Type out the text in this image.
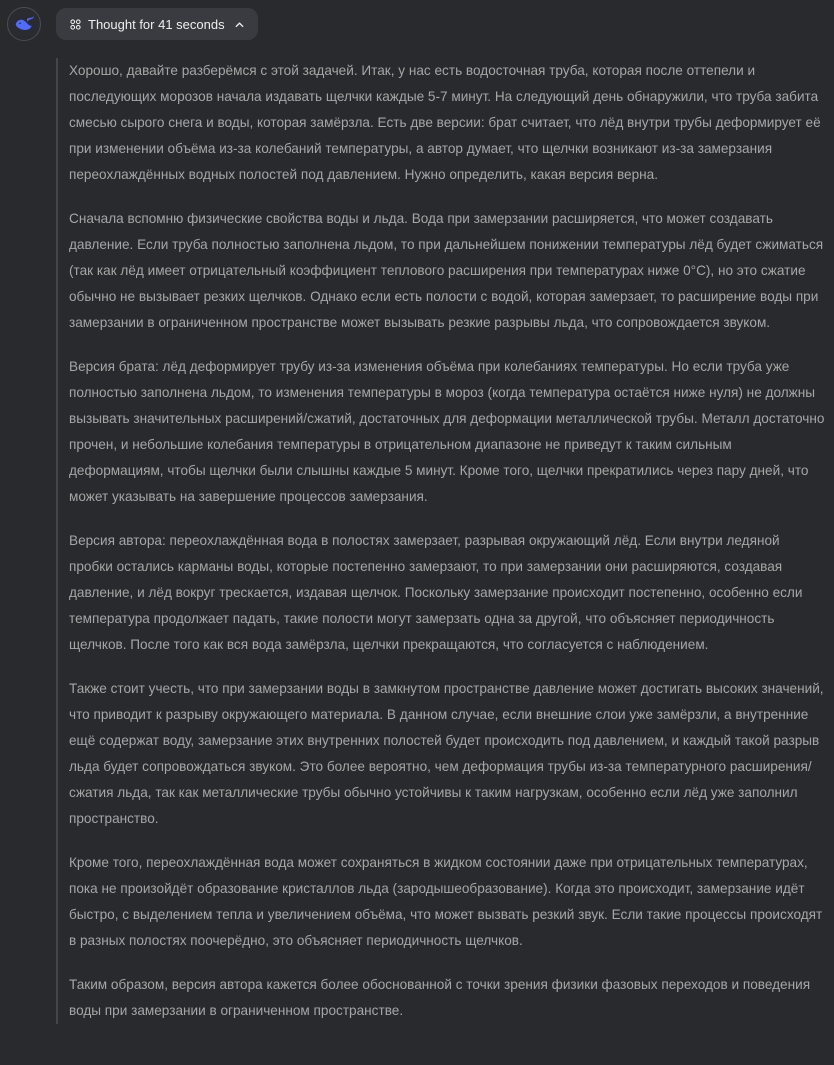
Thought for 41 seconds

Хорошо, давайте разберёмся с этой задачей. Итак, у нас есть водосточная труба, которая после оттепели и последующих морозов начала издавать щелчки каждые 5-7 минут. На следующий день обнаружили, что труба забита смесью сырого снега и воды, которая замёрзла. Есть две версии: брат считает, что лёд внутри трубы деформирует её при изменении объёма из-за колебаний температуры, а автор думает, что щелчки возникают из-за замерзания переохлаждённых водных полостей под давлением. Нужно определить, какая версия верна.

Сначала вспомню физические свойства воды и льда. Вода при замерзании расширяется, что может создавать давление. Если труба полностью заполнена льдом, то при дальнейшем понижении температуры лёд будет сжиматься (так как лёд имеет отрицательный коэффициент теплового расширения при температурах ниже 0°C), но это сжатие обычно не вызывает резких щелчков. Однако если есть полости с водой, которая замерзает, то расширение воды при замерзании в ограниченном пространстве может вызывать резкие разрывы льда, что сопровождается звуком.

Версия брата: лёд деформирует трубу из-за изменения объёма при колебаниях температуры. Но если труба уже полностью заполнена льдом, то изменения температуры в мороз (когда температура остаётся ниже нуля) не должны вызывать значительных расширений/сжатий, достаточных для деформации металлической трубы. Металл достаточно прочен, и небольшие колебания температуры в отрицательном диапазоне не приведут к таким сильным деформациям, чтобы щелчки были слышны каждые 5 минут. Кроме того, щелчки прекратились через пару дней, что может указывать на завершение процессов замерзания.

Версия автора: переохлаждённая вода в полостях замерзает, разрывая окружающий лёд. Если внутри ледяной пробки остались карманы воды, которые постепенно замерзают, то при замерзании они расширяются, создавая давление, и лёд вокруг трескается, издавая щелчок. Поскольку замерзание происходит постепенно, особенно если температура продолжает падать, такие полости могут замерзать одна за другой, что объясняет периодичность щелчков. После того как вся вода замёрзла, щелчки прекращаются, что согласуется с наблюдением.

Также стоит учесть, что при замерзании воды в замкнутом пространстве давление может достигать высоких значений, что приводит к разрыву окружающего материала. В данном случае, если внешние слои уже замёрзли, а внутренние ещё содержат воду, замерзание этих внутренних полостей будет происходить под давлением, и каждый такой разрыв льда будет сопровождаться звуком. Это более вероятно, чем деформация трубы из-за температурного расширения/сжатия льда, так как металлические трубы обычно устойчивы к таким нагрузкам, особенно если лёд уже заполнил пространство.

Кроме того, переохлаждённая вода может сохраняться в жидком состоянии даже при отрицательных температурах, пока не произойдёт образование кристаллов льда (зародышеобразование). Когда это происходит, замерзание идёт быстро, с выделением тепла и увеличением объёма, что может вызвать резкий звук. Если такие процессы происходят в разных полостях поочерёдно, это объясняет периодичность щелчков.

Таким образом, версия автора кажется более обоснованной с точки зрения физики фазовых переходов и поведения воды при замерзании в ограниченном пространстве.
